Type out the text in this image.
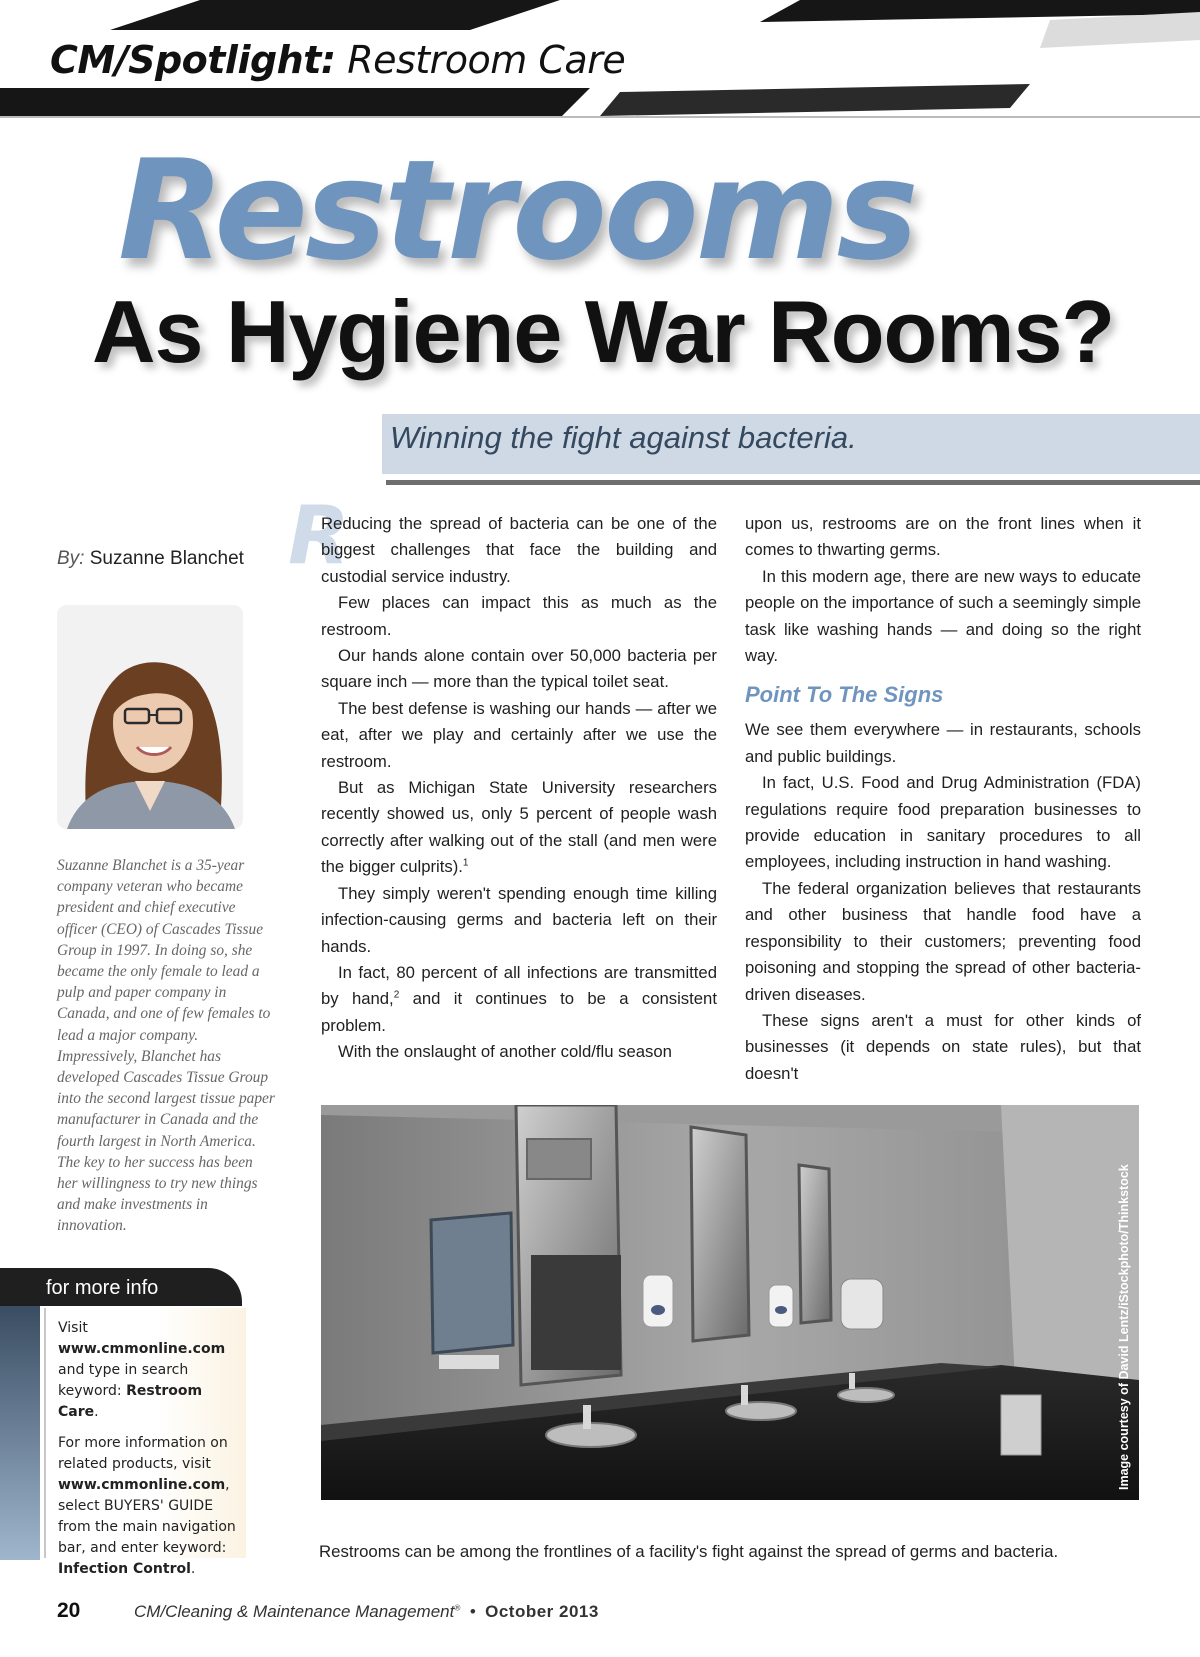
CM/Spotlight: Restroom Care
Restrooms
As Hygiene War Rooms?
Winning the fight against bacteria.
By: Suzanne Blanchet
Suzanne Blanchet is a 35-year company veteran who became president and chief executive officer (CEO) of Cascades Tissue Group in 1997. In doing so, she became the only female to lead a pulp and paper company in Canada, and one of few females to lead a major company. Impressively, Blanchet has developed Cascades Tissue Group into the second largest tissue paper manufacturer in Canada and the fourth largest in North America. The key to her success has been her willingness to try new things and make investments in innovation.
for more info

Visit www.cmmonline.com and type in search keyword: Restroom Care.

For more information on related products, visit www.cmmonline.com, select BUYERS' GUIDE from the main navigation bar, and enter keyword: Infection Control.

R

Reducing the spread of bacteria can be one of the biggest challenges that face the building and custodial service industry.

Few places can impact this as much as the restroom.

Our hands alone contain over 50,000 bacteria per square inch — more than the typical toilet seat.

The best defense is washing our hands — after we eat, after we play and certainly after we use the restroom.

But as Michigan State University researchers recently showed us, only 5 percent of people wash correctly after walking out of the stall (and men were the bigger culprits).$^1$

They simply weren't spending enough time killing infection-causing germs and bacteria left on their hands.

In fact, 80 percent of all infections are transmitted by hand,$^2$ and it continues to be a consistent problem.

With the onslaught of another cold/flu season

upon us, restrooms are on the front lines when it comes to thwarting germs.

In this modern age, there are new ways to educate people on the importance of such a seemingly simple task like washing hands — and doing so the right way.

Point To The Signs

We see them everywhere — in restaurants, schools and public buildings.

In fact, U.S. Food and Drug Administration (FDA) regulations require food preparation businesses to provide education in sanitary procedures to all employees, including instruction in hand washing.

The federal organization believes that restaurants and other business that handle food have a responsibility to their customers; preventing food poisoning and stopping the spread of other bacteria-driven diseases.

These signs aren't a must for other kinds of businesses (it depends on state rules), but that doesn't

Image courtesy of David Lentz/iStockphoto/Thinkstock
Restrooms can be among the frontlines of a facility's fight against the spread of germs and bacteria.
20	CM/Cleaning & Maintenance Management® • October 2013
